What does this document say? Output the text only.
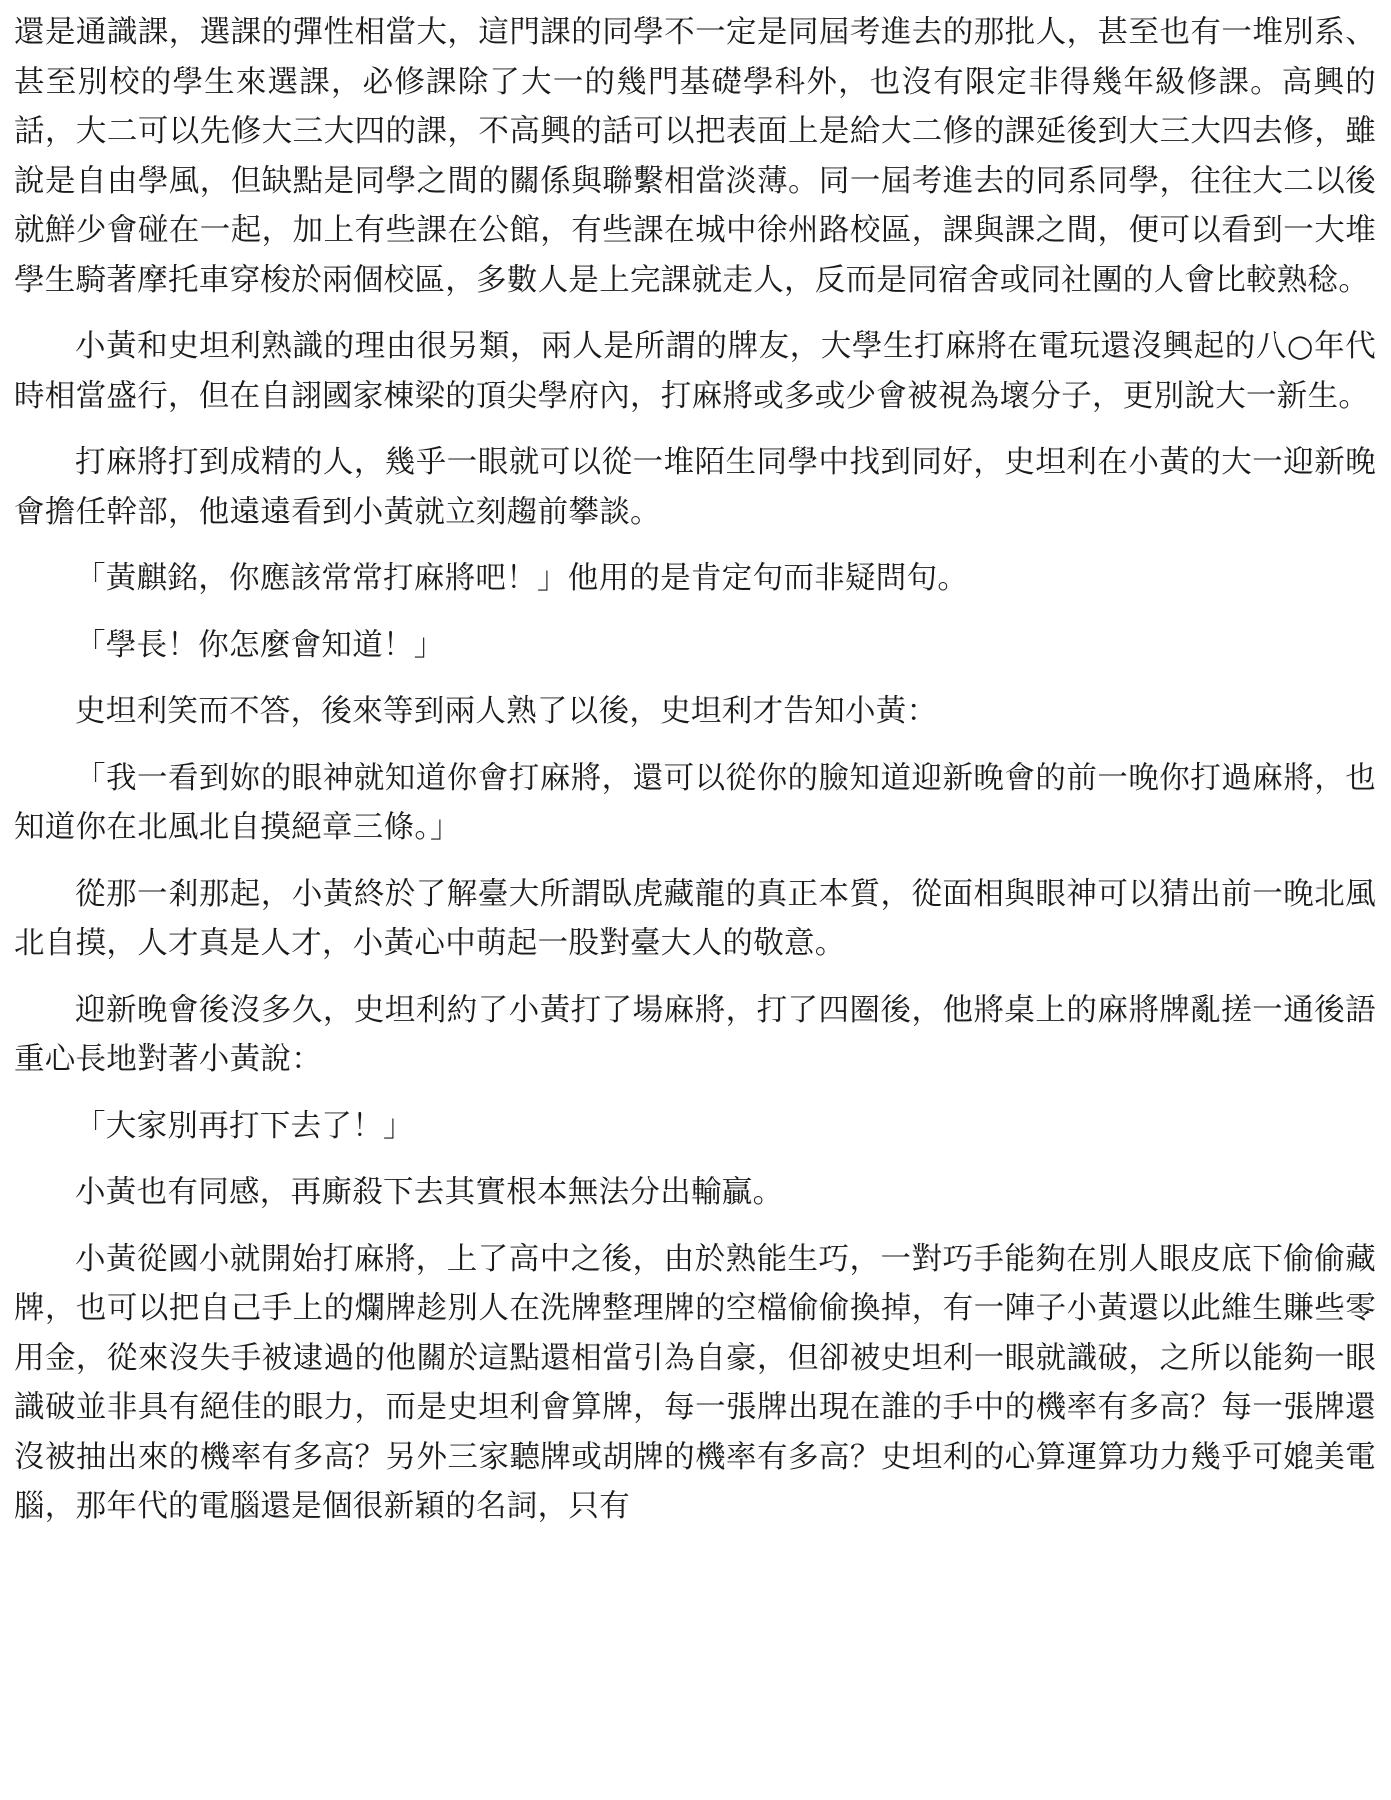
還是通識課，選課的彈性相當大，這門課的同學不一定是同屆考進去的那批人，甚至也有一堆別系、甚至別校的學生來選課，必修課除了大一的幾門基礎學科外，也沒有限定非得幾年級修課。高興的話，大二可以先修大三大四的課，不高興的話可以把表面上是給大二修的課延後到大三大四去修，雖說是自由學風，但缺點是同學之間的關係與聯繫相當淡薄。同一屆考進去的同系同學，往往大二以後就鮮少會碰在一起，加上有些課在公館，有些課在城中徐州路校區，課與課之間，便可以看到一大堆學生騎著摩托車穿梭於兩個校區，多數人是上完課就走人，反而是同宿舍或同社團的人會比較熟稔。

小黃和史坦利熟識的理由很另類，兩人是所謂的牌友，大學生打麻將在電玩還沒興起的八○年代時相當盛行，但在自詡國家棟梁的頂尖學府內，打麻將或多或少會被視為壞分子，更別說大一新生。

打麻將打到成精的人，幾乎一眼就可以從一堆陌生同學中找到同好，史坦利在小黃的大一迎新晚會擔任幹部，他遠遠看到小黃就立刻趨前攀談。

「黃麒銘，你應該常常打麻將吧！」他用的是肯定句而非疑問句。

「學長！你怎麼會知道！」

史坦利笑而不答，後來等到兩人熟了以後，史坦利才告知小黃：

「我一看到妳的眼神就知道你會打麻將，還可以從你的臉知道迎新晚會的前一晚你打過麻將，也知道你在北風北自摸絕章三條。」

從那一剎那起，小黃終於了解臺大所謂臥虎藏龍的真正本質，從面相與眼神可以猜出前一晚北風北自摸，人才真是人才，小黃心中萌起一股對臺大人的敬意。

迎新晚會後沒多久，史坦利約了小黃打了場麻將，打了四圈後，他將桌上的麻將牌亂搓一通後語重心長地對著小黃說：

「大家別再打下去了！」

小黃也有同感，再廝殺下去其實根本無法分出輸贏。

小黃從國小就開始打麻將，上了高中之後，由於熟能生巧，一對巧手能夠在別人眼皮底下偷偷藏牌，也可以把自己手上的爛牌趁別人在洗牌整理牌的空檔偷偷換掉，有一陣子小黃還以此維生賺些零用金，從來沒失手被逮過的他關於這點還相當引為自豪，但卻被史坦利一眼就識破，之所以能夠一眼識破並非具有絕佳的眼力，而是史坦利會算牌，每一張牌出現在誰的手中的機率有多高？每一張牌還沒被抽出來的機率有多高？另外三家聽牌或胡牌的機率有多高？史坦利的心算運算功力幾乎可媲美電腦，那年代的電腦還是個很新穎的名詞，只有
